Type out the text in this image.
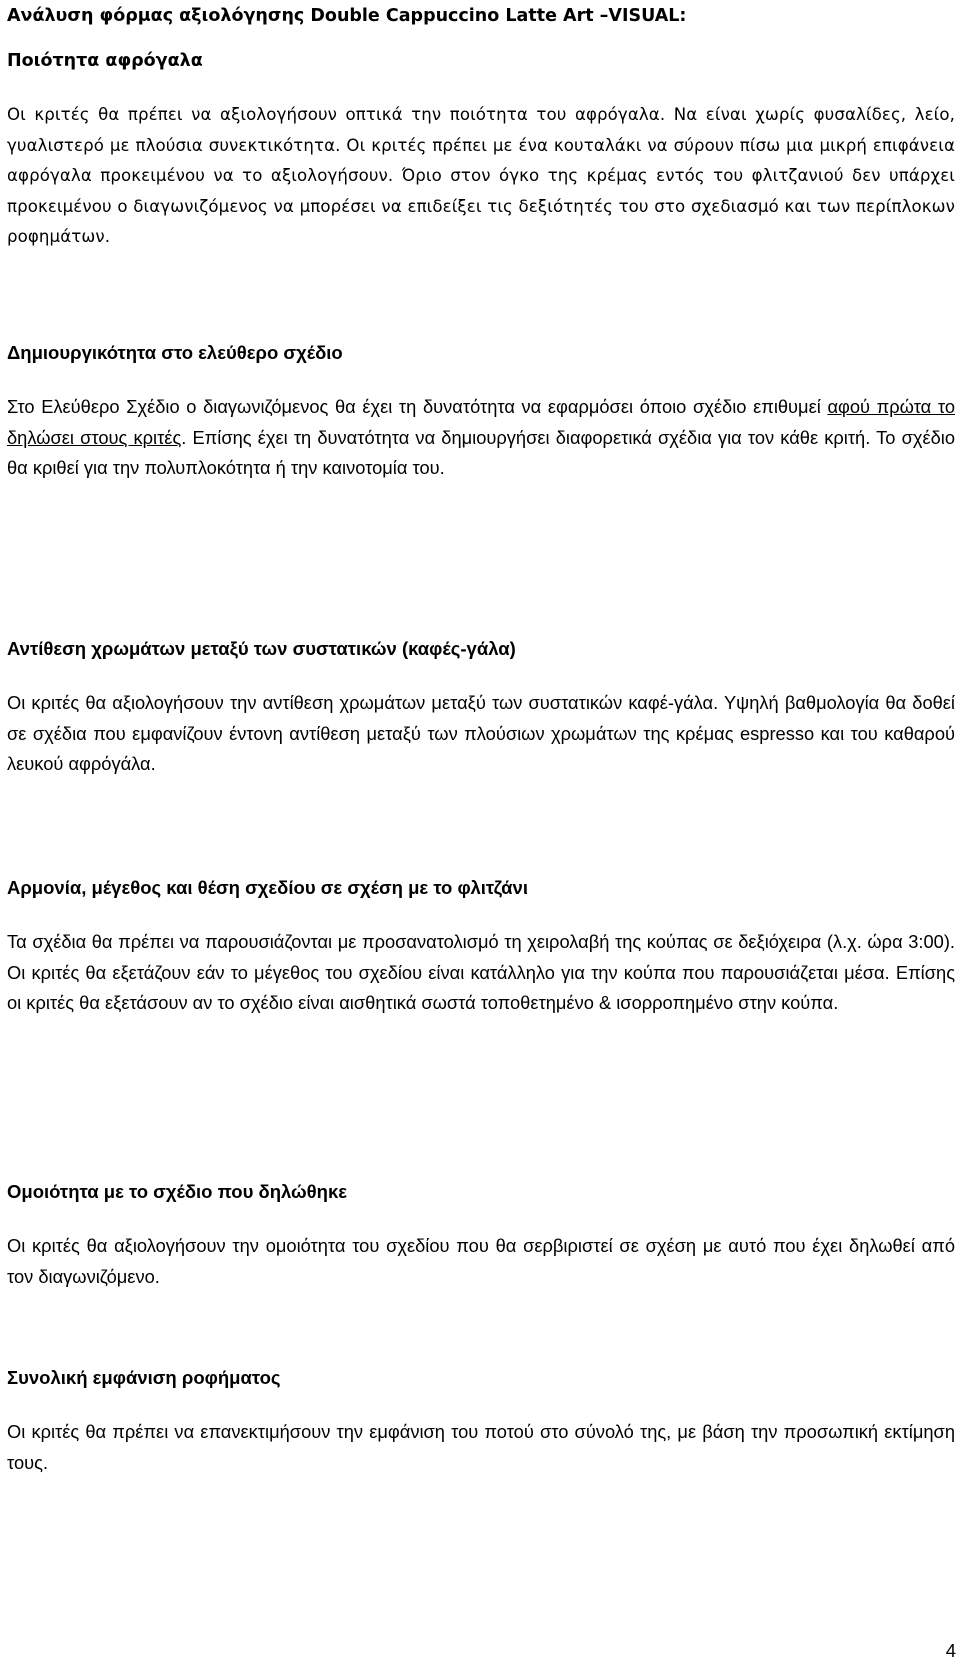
Ανάλυση φόρμας αξιολόγησης Double Cappuccino Latte Art –VISUAL:
Ποιότητα αφρόγαλα
Οι κριτές θα πρέπει να αξιολογήσουν οπτικά την ποιότητα του αφρόγαλα. Να είναι χωρίς φυσαλίδες, λείο, γυαλιστερό με πλούσια συνεκτικότητα. Οι κριτές πρέπει με ένα κουταλάκι να σύρουν πίσω μια μικρή επιφάνεια αφρόγαλα προκειμένου να το αξιολογήσουν. Όριο στον όγκο της κρέμας εντός του φλιτζανιού δεν υπάρχει προκειμένου ο διαγωνιζόμενος να μπορέσει να επιδείξει τις δεξιότητές του στο σχεδιασμό και των περίπλοκων ροφημάτων.
Δημιουργικότητα στο ελεύθερο σχέδιο
Στο Ελεύθερο Σχέδιο ο διαγωνιζόμενος θα έχει τη δυνατότητα να εφαρμόσει όποιο σχέδιο επιθυμεί αφού πρώτα το δηλώσει στους κριτές. Επίσης έχει τη δυνατότητα να δημιουργήσει διαφορετικά σχέδια για τον κάθε κριτή. Το σχέδιο θα κριθεί για την πολυπλοκότητα ή την καινοτομία του.
Αντίθεση χρωμάτων μεταξύ των συστατικών (καφές-γάλα)
Οι κριτές θα αξιολογήσουν την αντίθεση χρωμάτων μεταξύ των συστατικών καφέ-γάλα. Υψηλή βαθμολογία θα δοθεί σε σχέδια που εμφανίζουν έντονη αντίθεση μεταξύ των πλούσιων χρωμάτων της κρέμας espresso και του καθαρού λευκού αφρόγάλα.
Αρμονία, μέγεθος και θέση σχεδίου σε σχέση με το φλιτζάνι
Τα σχέδια θα πρέπει να παρουσιάζονται με προσανατολισμό τη χειρολαβή της κούπας σε δεξιόχειρα (λ.χ. ώρα 3:00). Οι κριτές θα εξετάζουν εάν το μέγεθος του σχεδίου είναι κατάλληλο για την κούπα που παρουσιάζεται μέσα. Επίσης οι κριτές θα εξετάσουν αν το σχέδιο είναι αισθητικά σωστά τοποθετημένο & ισορροπημένο στην κούπα.
Ομοιότητα με το σχέδιο που δηλώθηκε
Οι κριτές θα αξιολογήσουν την ομοιότητα του σχεδίου που θα σερβιριστεί σε σχέση με αυτό που έχει δηλωθεί από τον διαγωνιζόμενο.
Συνολική εμφάνιση ροφήματος
Οι κριτές θα πρέπει να επανεκτιμήσουν την εμφάνιση του ποτού στο σύνολό της, με βάση την προσωπική εκτίμηση τους.
4
